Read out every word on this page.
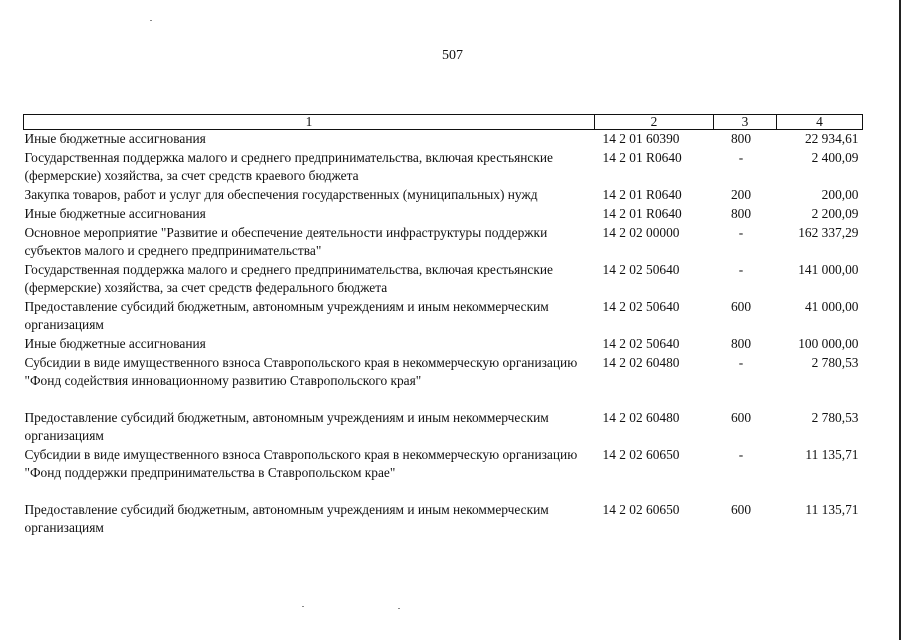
507
1	2	3	4
Иные бюджетные ассигнования	14 2 01 60390	800	22 934,61
Государственная поддержка малого и среднего предпринимательства, включая крестьянские (фермерские) хозяйства, за счет средств краевого бюджета	14 2 01 R0640	-	2 400,09
Закупка товаров, работ и услуг для обеспечения государственных (муниципальных) нужд	14 2 01 R0640	200	200,00
Иные бюджетные ассигнования	14 2 01 R0640	800	2 200,09
Основное мероприятие "Развитие и обеспечение деятельности инфраструктуры поддержки субъектов малого и среднего предпринимательства"	14 2 02 00000	-	162 337,29
Государственная поддержка малого и среднего предпринимательства, включая крестьянские (фермерские) хозяйства, за счет средств федерального бюджета	14 2 02 50640	-	141 000,00
Предоставление субсидий бюджетным, автономным учреждениям и иным некоммерческим организациям	14 2 02 50640	600	41 000,00
Иные бюджетные ассигнования	14 2 02 50640	800	100 000,00
Субсидии в виде имущественного взноса Ставропольского края в некоммерческую организацию "Фонд содействия инновационному развитию Ставропольского края"	14 2 02 60480	-	2 780,53
Предоставление субсидий бюджетным, автономным учреждениям и иным некоммерческим организациям	14 2 02 60480	600	2 780,53
Субсидии в виде имущественного взноса Ставропольского края в некоммерческую организацию "Фонд поддержки предпринимательства в Ставропольском крае"	14 2 02 60650	-	11 135,71
Предоставление субсидий бюджетным, автономным учреждениям и иным некоммерческим организациям	14 2 02 60650	600	11 135,71
